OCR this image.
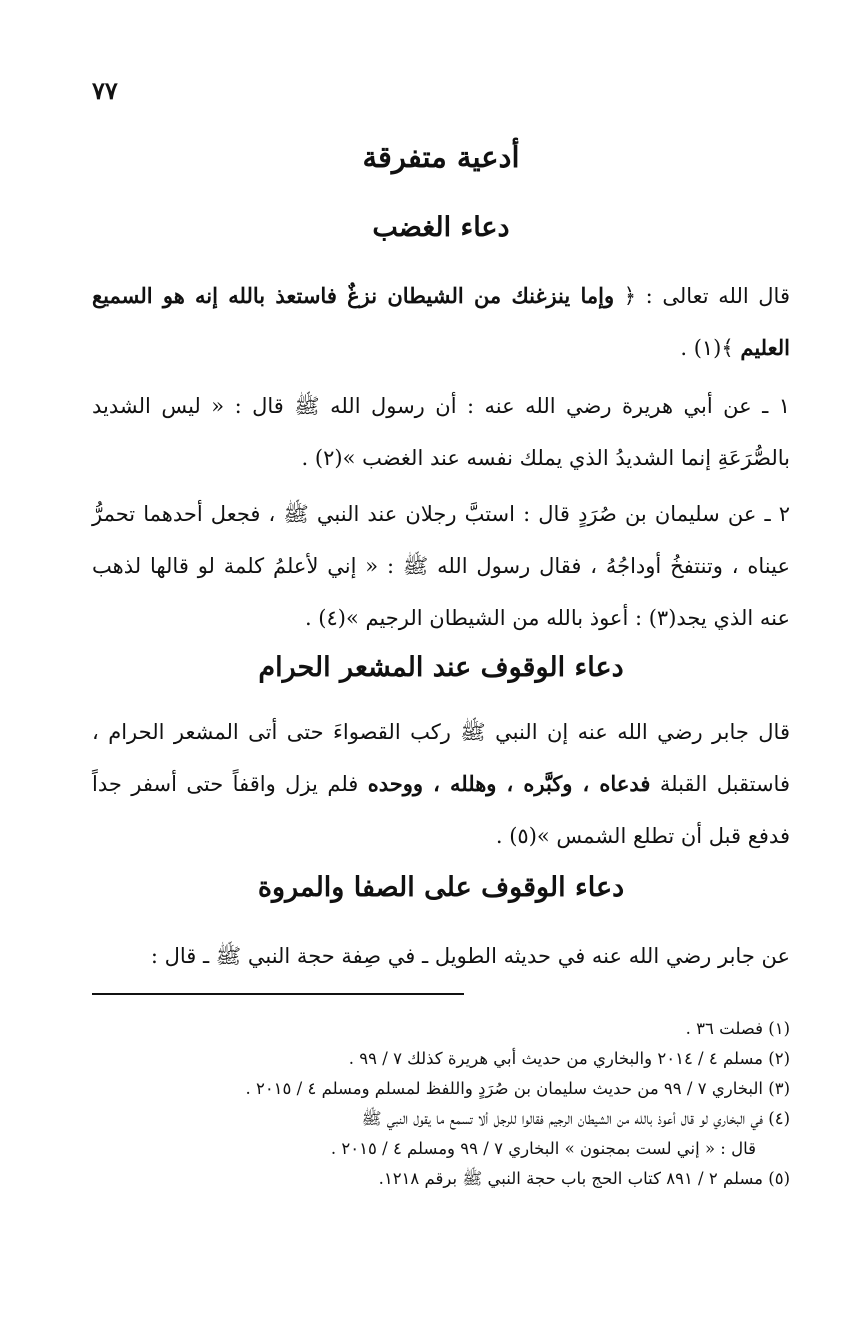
٧٧
أدعية متفرقة
دعاء الغضب
قال الله تعالى : ﴿ وإما ينزغنك من الشيطان نزغٌ فاستعذ بالله إنه هو السميع العليم ﴾(١) .
١ ـ عن أبي هريرة رضي الله عنه : أن رسول الله ﷺ قال : « ليس الشديد بالصُّرَعَةِ إنما الشديدُ الذي يملك نفسه عند الغضب »(٢) .
٢ ـ عن سليمان بن صُرَدٍ قال : استبَّ رجلان عند النبي ﷺ ، فجعل أحدهما تحمرُّ عيناه ، وتنتفخُ أوداجُهُ ، فقال رسول الله ﷺ : « إني لأعلمُ كلمة لو قالها لذهب عنه الذي يجد(٣) : أعوذ بالله من الشيطان الرجيم »(٤) .
دعاء الوقوف عند المشعر الحرام
قال جابر رضي الله عنه إن النبي ﷺ ركب القصواءَ حتى أتى المشعر الحرام ، فاستقبل القبلة فدعاه ، وكبَّره ، وهلله ، ووحده فلم يزل واقفاً حتى أسفر جداً فدفع قبل أن تطلع الشمس »(٥) .
دعاء الوقوف على الصفا والمروة
عن جابر رضي الله عنه في حديثه الطويل ـ في صِفة حجة النبي ﷺ ـ قال :
(١) فصلت ٣٦ .
(٢) مسلم ٤ / ٢٠١٤ والبخاري من حديث أبي هريرة كذلك ٧ / ٩٩ .
(٣) البخاري ٧ / ٩٩ من حديث سليمان بن صُرَدٍ واللفظ لمسلم ومسلم ٤ / ٢٠١٥ .
(٤) في البخاري لو قال أعوذ بالله من الشيطان الرجيم فقالوا للرجل ألا تسمع ما يقول النبي ﷺ
قال : « إني لست بمجنون » البخاري ٧ / ٩٩ ومسلم ٤ / ٢٠١٥ .
(٥) مسلم ٢ / ٨٩١ كتاب الحج باب حجة النبي ﷺ برقم ١٢١٨.
